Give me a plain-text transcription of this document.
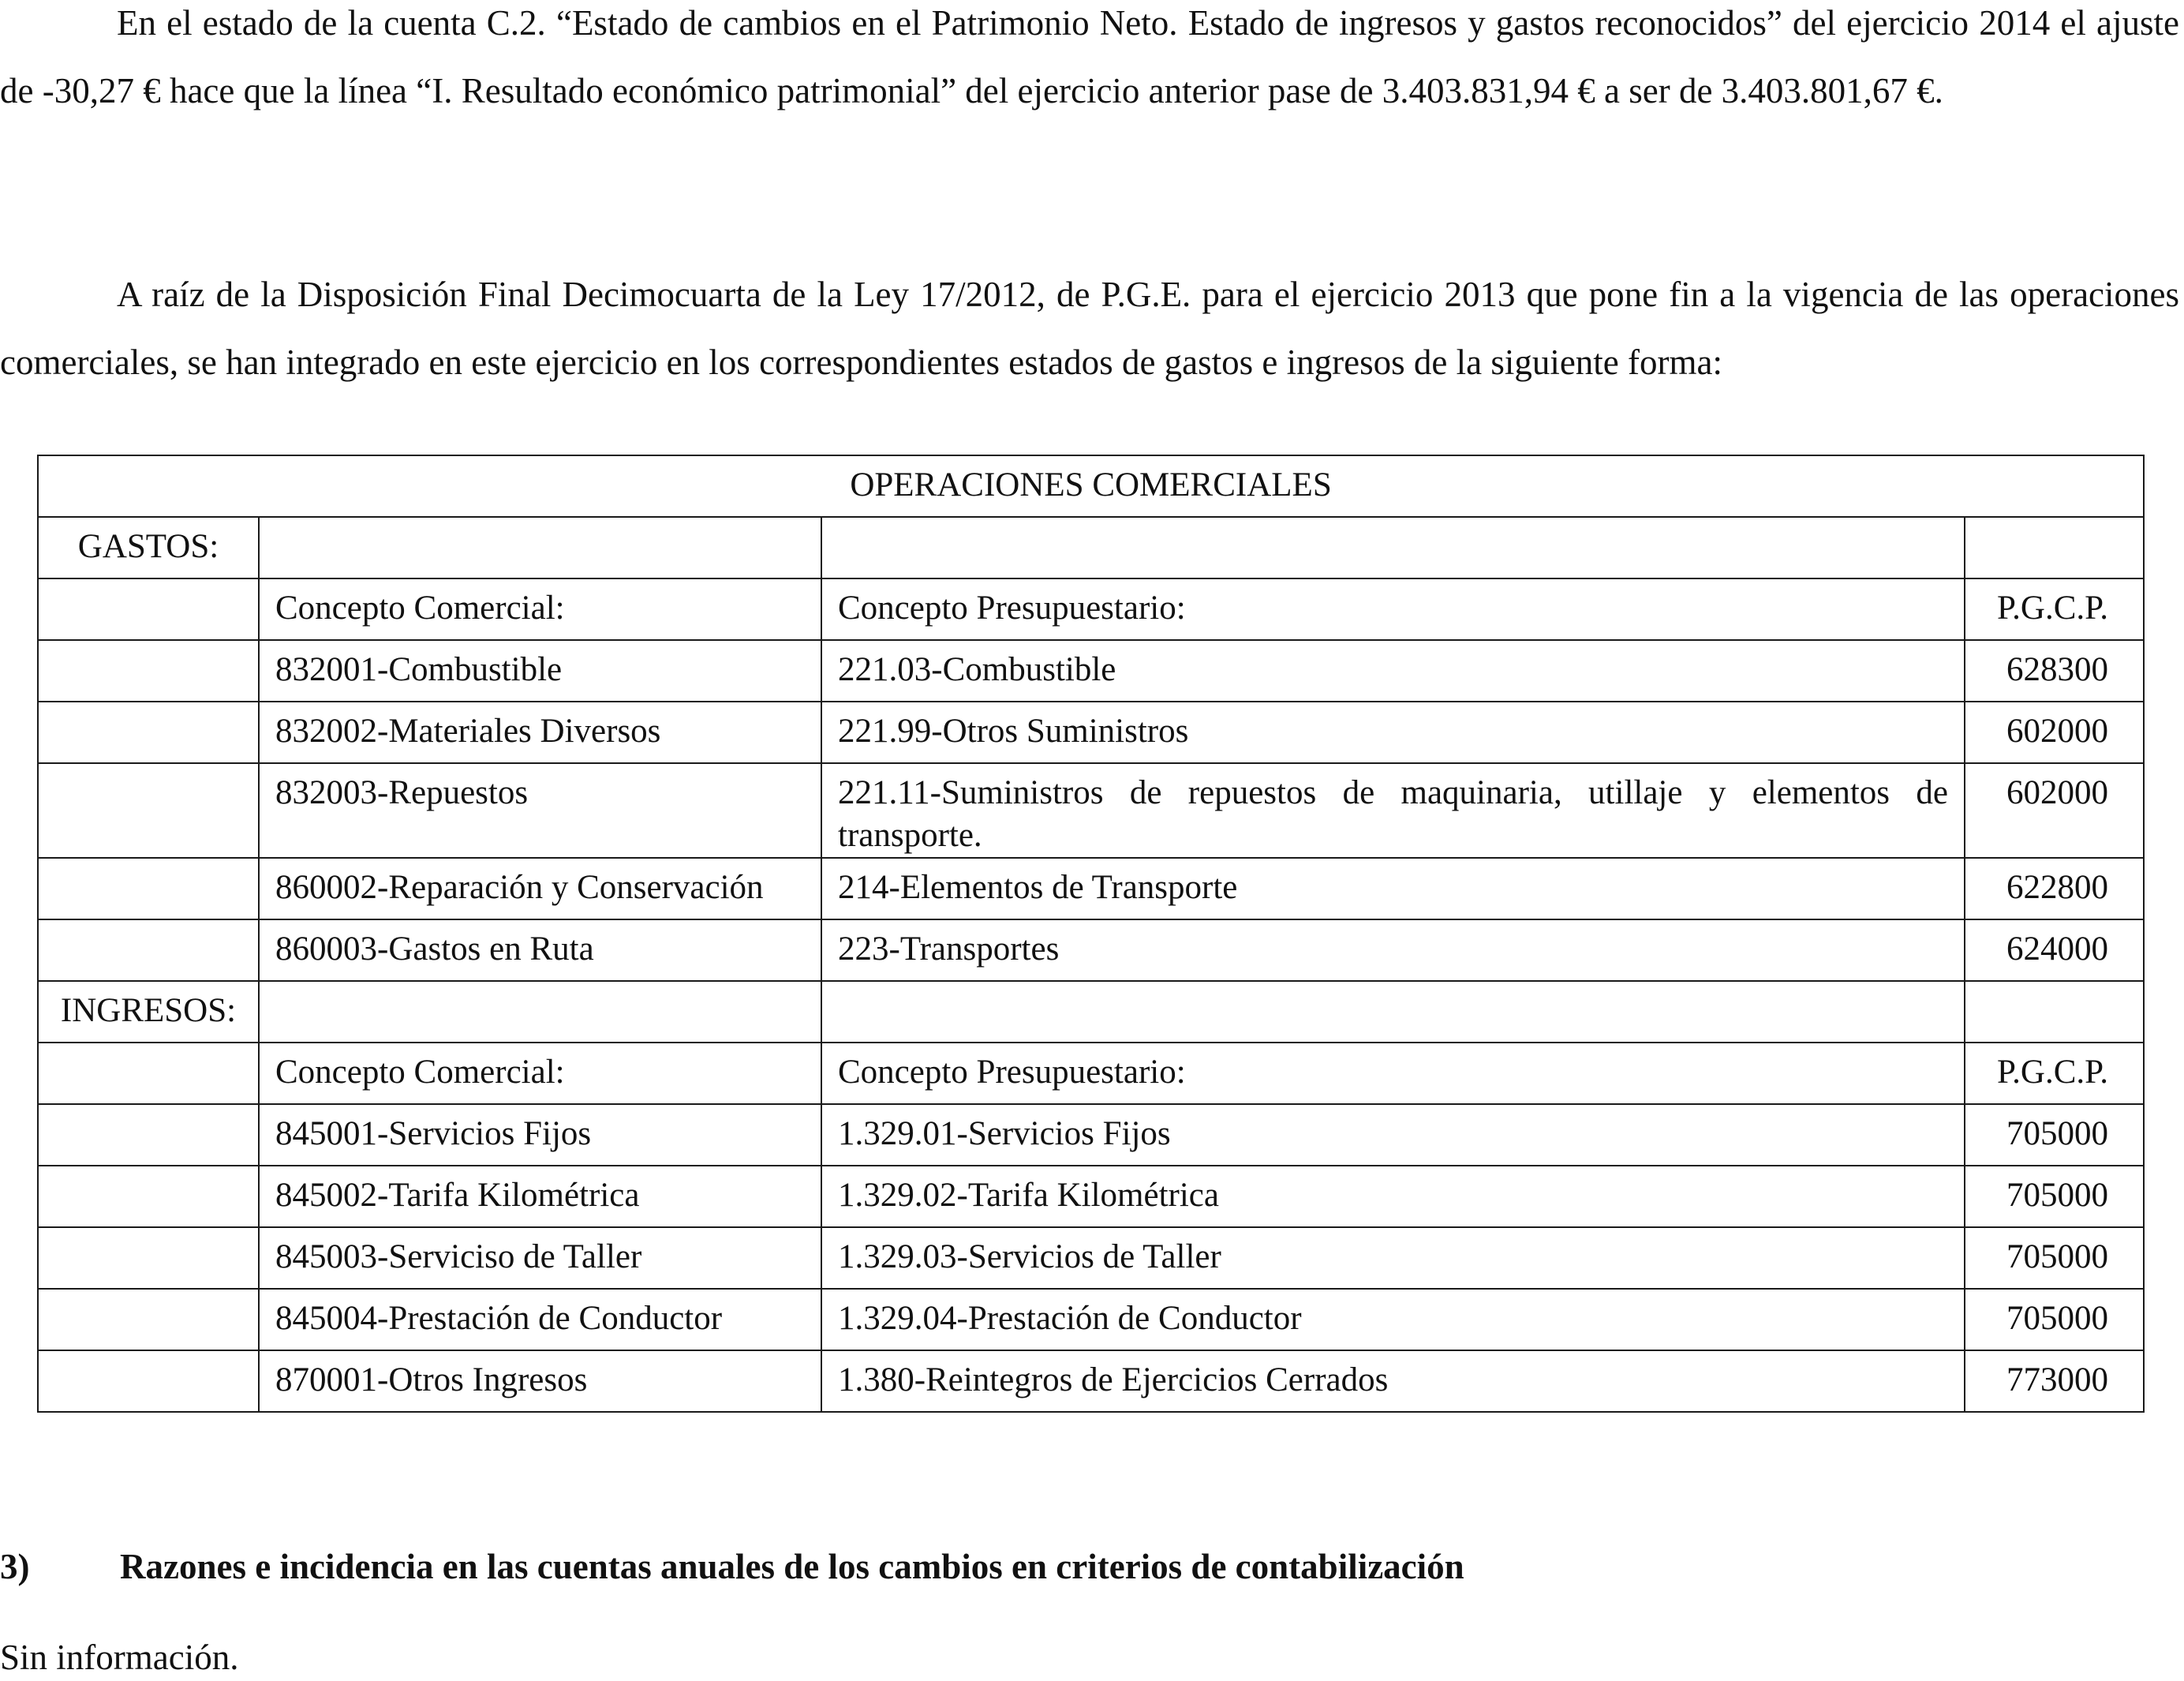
En el estado de la cuenta C.2. “Estado de cambios en el Patrimonio Neto. Estado de ingresos y gastos reconocidos” del ejercicio 2014 el ajuste de -30,27 € hace que la línea “I. Resultado económico patrimonial” del ejercicio anterior pase de 3.403.831,94 € a ser de 3.403.801,67 €.

A raíz de la Disposición Final Decimocuarta de la Ley 17/2012, de P.G.E. para el ejercicio 2013 que pone fin a la vigencia de las operaciones comerciales, se han integrado en este ejercicio en los correspondientes estados de gastos e ingresos de la siguiente forma:

OPERACIONES COMERCIALES			
GASTOS:			
	Concepto Comercial:	Concepto Presupuestario:	P.G.C.P.
	832001-Combustible	221.03-Combustible	628300
	832002-Materiales Diversos	221.99-Otros Suministros	602000
	832003-Repuestos	221.11-Suministros de repuestos de maquinaria, utillaje y elementos de transporte.	602000
	860002-Reparación y Conservación	214-Elementos de Transporte	622800
	860003-Gastos en Ruta	223-Transportes	624000
INGRESOS:			
	Concepto Comercial:	Concepto Presupuestario:	P.G.C.P.
	845001-Servicios Fijos	1.329.01-Servicios Fijos	705000
	845002-Tarifa Kilométrica	1.329.02-Tarifa Kilométrica	705000
	845003-Serviciso de Taller	1.329.03-Servicios de Taller	705000
	845004-Prestación de Conductor	1.329.04-Prestación de Conductor	705000
	870001-Otros Ingresos	1.380-Reintegros de Ejercicios Cerrados	773000
3)	Razones e incidencia en las cuentas anuales de los cambios en criterios de contabilización
Sin información.
